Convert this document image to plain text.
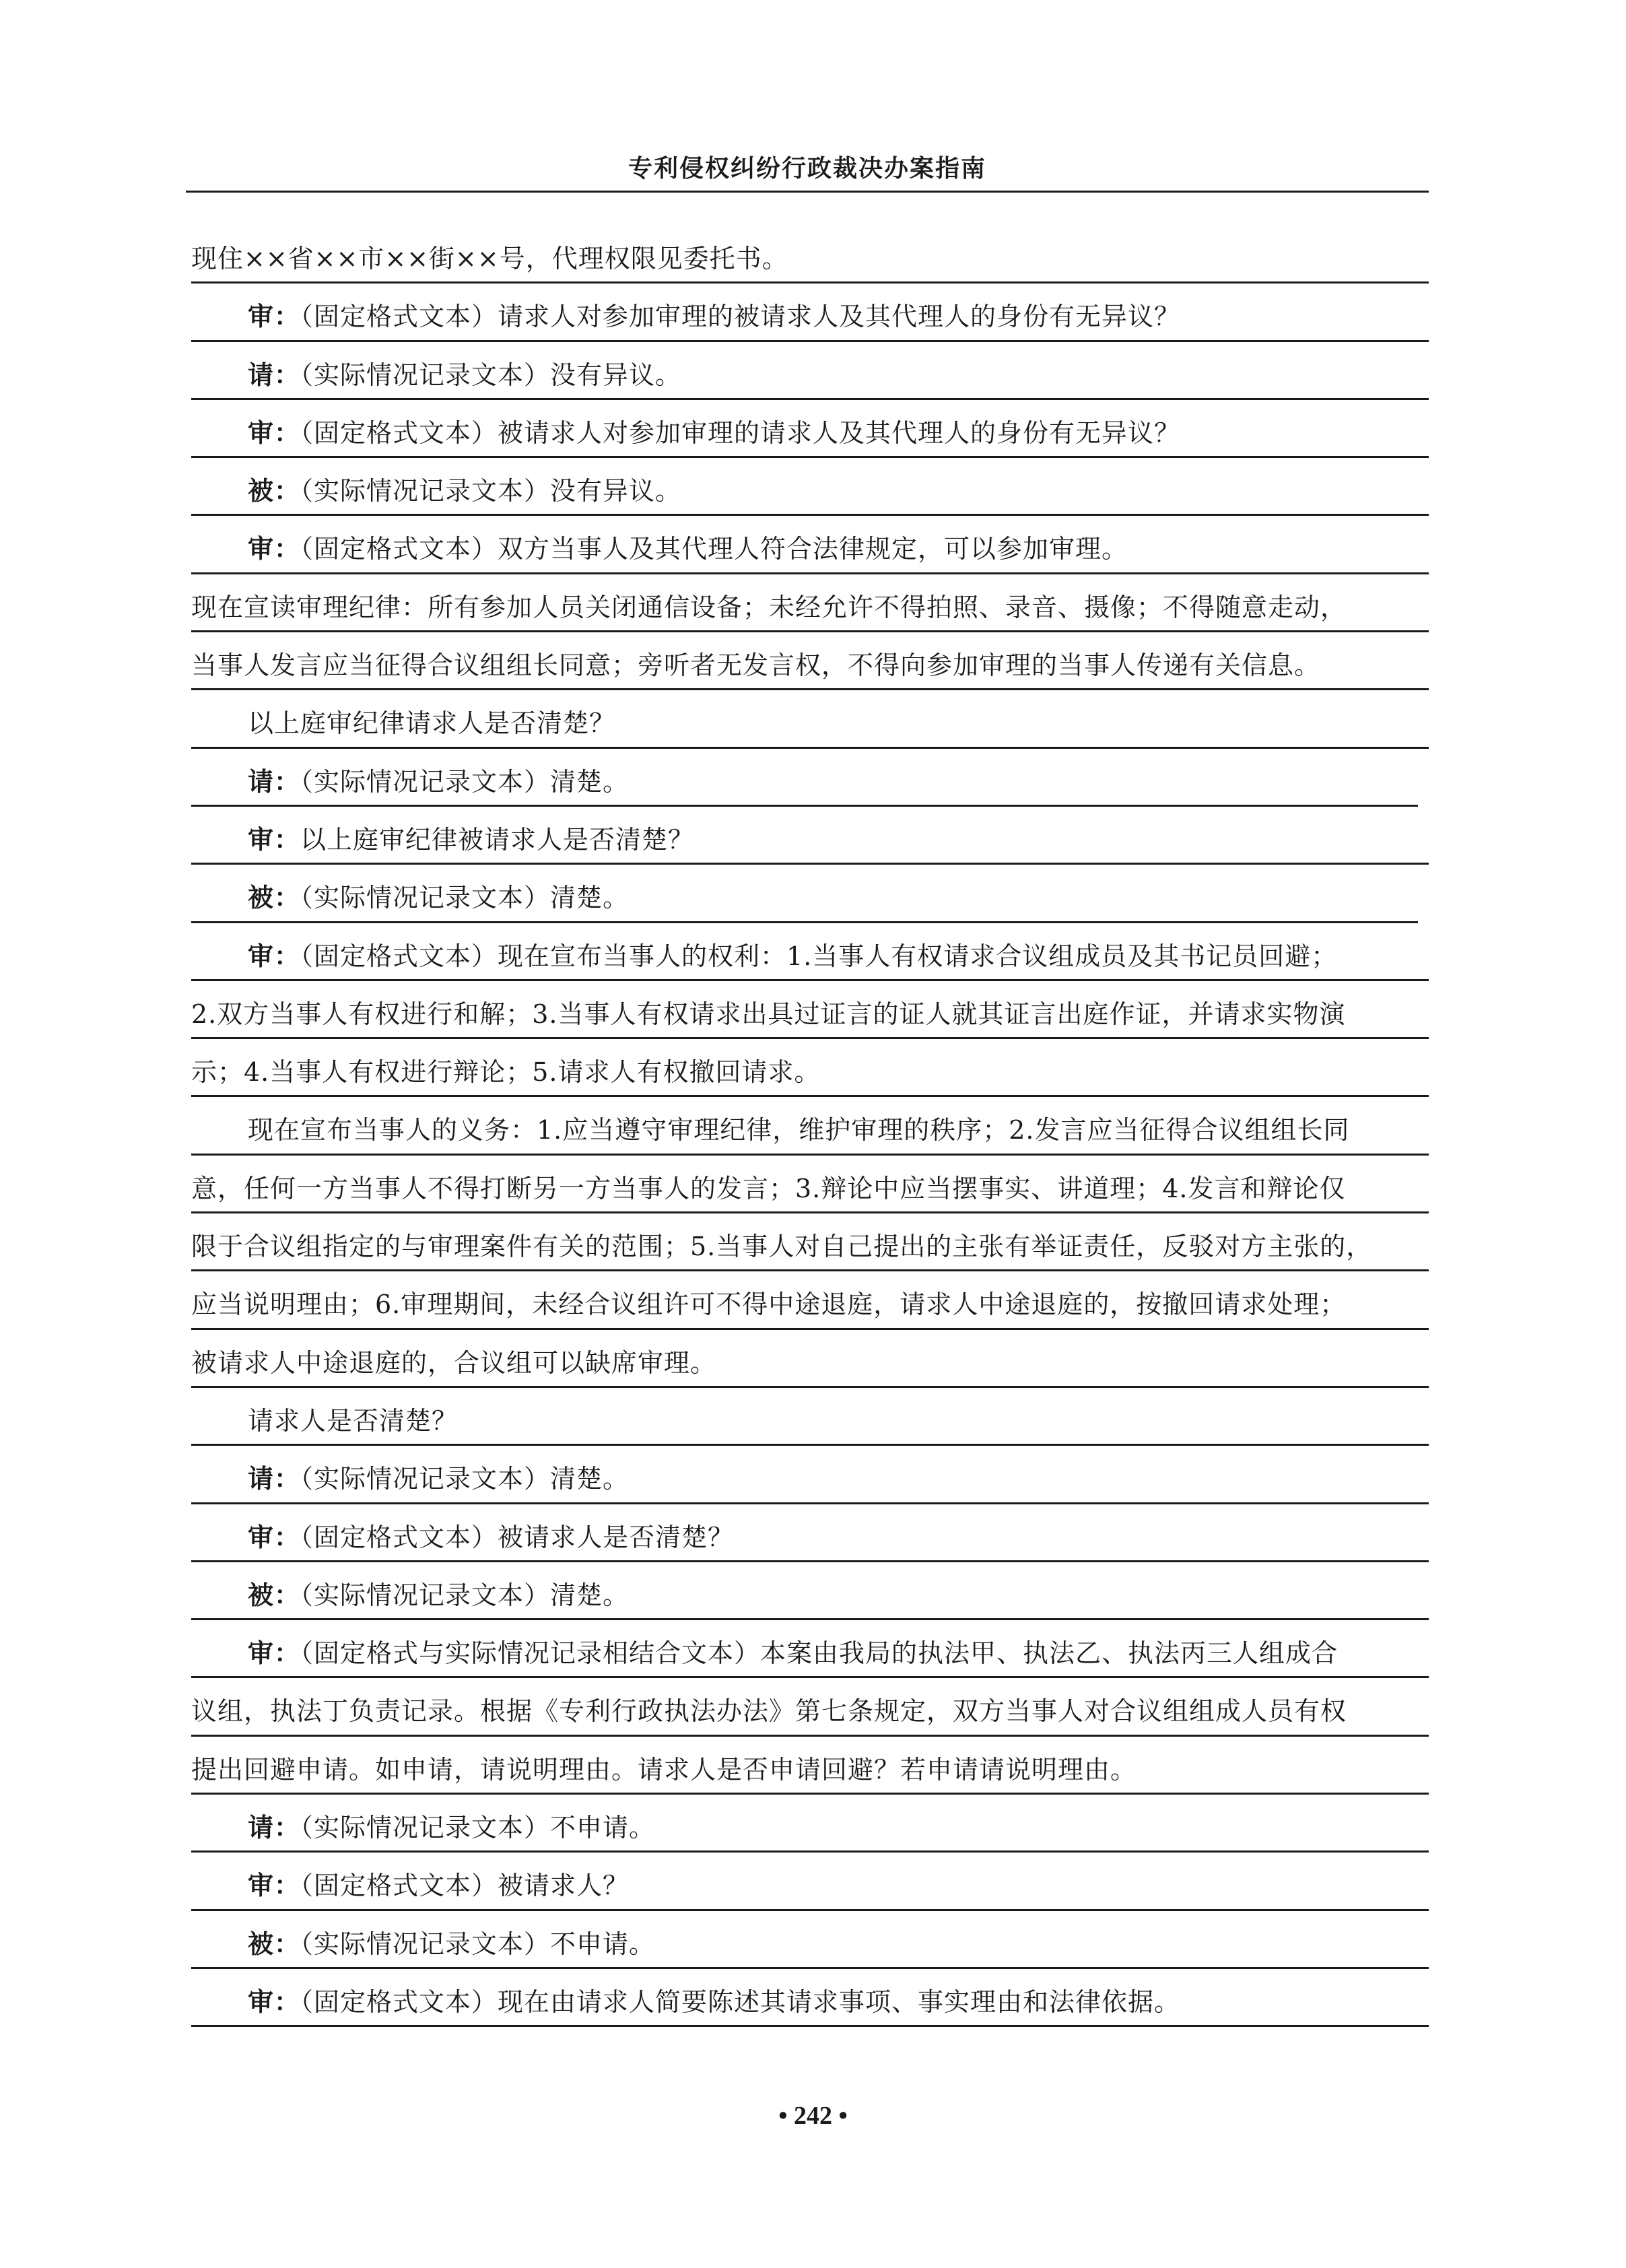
专利侵权纠纷行政裁决办案指南
现住××省××市××街××号，代理权限见委托书。
审：（固定格式文本）请求人对参加审理的被请求人及其代理人的身份有无异议？
请：（实际情况记录文本）没有异议。
审：（固定格式文本）被请求人对参加审理的请求人及其代理人的身份有无异议？
被：（实际情况记录文本）没有异议。
审：（固定格式文本）双方当事人及其代理人符合法律规定，可以参加审理。
现在宣读审理纪律：所有参加人员关闭通信设备；未经允许不得拍照、录音、摄像；不得随意走动，
当事人发言应当征得合议组组长同意；旁听者无发言权，不得向参加审理的当事人传递有关信息。
以上庭审纪律请求人是否清楚？
请：（实际情况记录文本）清楚。
审：以上庭审纪律被请求人是否清楚？
被：（实际情况记录文本）清楚。
审：（固定格式文本）现在宣布当事人的权利：1.当事人有权请求合议组成员及其书记员回避；
2.双方当事人有权进行和解；3.当事人有权请求出具过证言的证人就其证言出庭作证，并请求实物演
示；4.当事人有权进行辩论；5.请求人有权撤回请求。
现在宣布当事人的义务：1.应当遵守审理纪律，维护审理的秩序；2.发言应当征得合议组组长同
意，任何一方当事人不得打断另一方当事人的发言；3.辩论中应当摆事实、讲道理；4.发言和辩论仅
限于合议组指定的与审理案件有关的范围；5.当事人对自己提出的主张有举证责任，反驳对方主张的，
应当说明理由；6.审理期间，未经合议组许可不得中途退庭，请求人中途退庭的，按撤回请求处理；
被请求人中途退庭的，合议组可以缺席审理。
请求人是否清楚？
请：（实际情况记录文本）清楚。
审：（固定格式文本）被请求人是否清楚？
被：（实际情况记录文本）清楚。
审：（固定格式与实际情况记录相结合文本）本案由我局的执法甲、执法乙、执法丙三人组成合
议组，执法丁负责记录。根据《专利行政执法办法》第七条规定，双方当事人对合议组组成人员有权
提出回避申请。如申请，请说明理由。请求人是否申请回避？若申请请说明理由。
请：（实际情况记录文本）不申请。
审：（固定格式文本）被请求人？
被：（实际情况记录文本）不申请。
审：（固定格式文本）现在由请求人简要陈述其请求事项、事实理由和法律依据。
• 242 •
